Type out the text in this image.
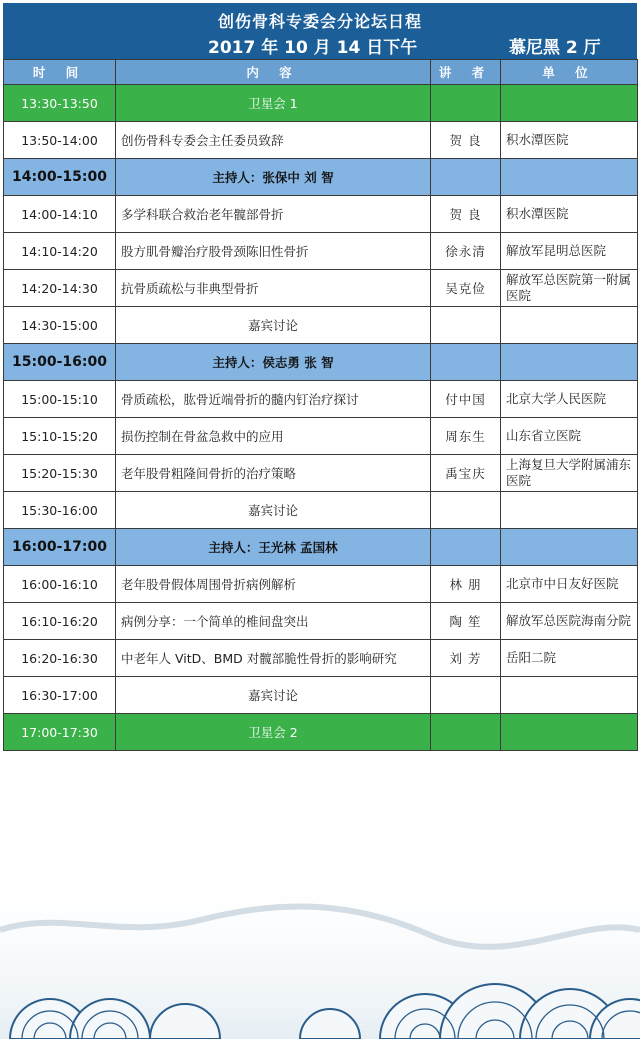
创伤骨科专委会分论坛日程
2017 年 10 月 14 日下午	慕尼黑 2 厅
时 间	内 容	讲 者	单 位
13:30-13:50	卫星会 1		
13:50-14:00	创伤骨科专委会主任委员致辞	贺 良	积水潭医院
14:00-15:00	主持人：张保中 刘 智		
14:00-14:10	多学科联合救治老年髋部骨折	贺 良	积水潭医院
14:10-14:20	股方肌骨瓣治疗股骨颈陈旧性骨折	徐永清	解放军昆明总医院
14:20-14:30	抗骨质疏松与非典型骨折	吴克俭	解放军总医院第一附属医院
14:30-15:00	嘉宾讨论		
15:00-16:00	主持人：侯志勇 张 智		
15:00-15:10	骨质疏松，肱骨近端骨折的髓内钉治疗探讨	付中国	北京大学人民医院
15:10-15:20	损伤控制在骨盆急救中的应用	周东生	山东省立医院
15:20-15:30	老年股骨粗隆间骨折的治疗策略	禹宝庆	上海复旦大学附属浦东医院
15:30-16:00	嘉宾讨论		
16:00-17:00	主持人：王光林 孟国林		
16:00-16:10	老年股骨假体周围骨折病例解析	林 朋	北京市中日友好医院
16:10-16:20	病例分享：一个简单的椎间盘突出	陶 笙	解放军总医院海南分院
16:20-16:30	中老年人 VitD、BMD 对髋部脆性骨折的影响研究	刘 芳	岳阳二院
16:30-17:00	嘉宾讨论		
17:00-17:30	卫星会 2		
